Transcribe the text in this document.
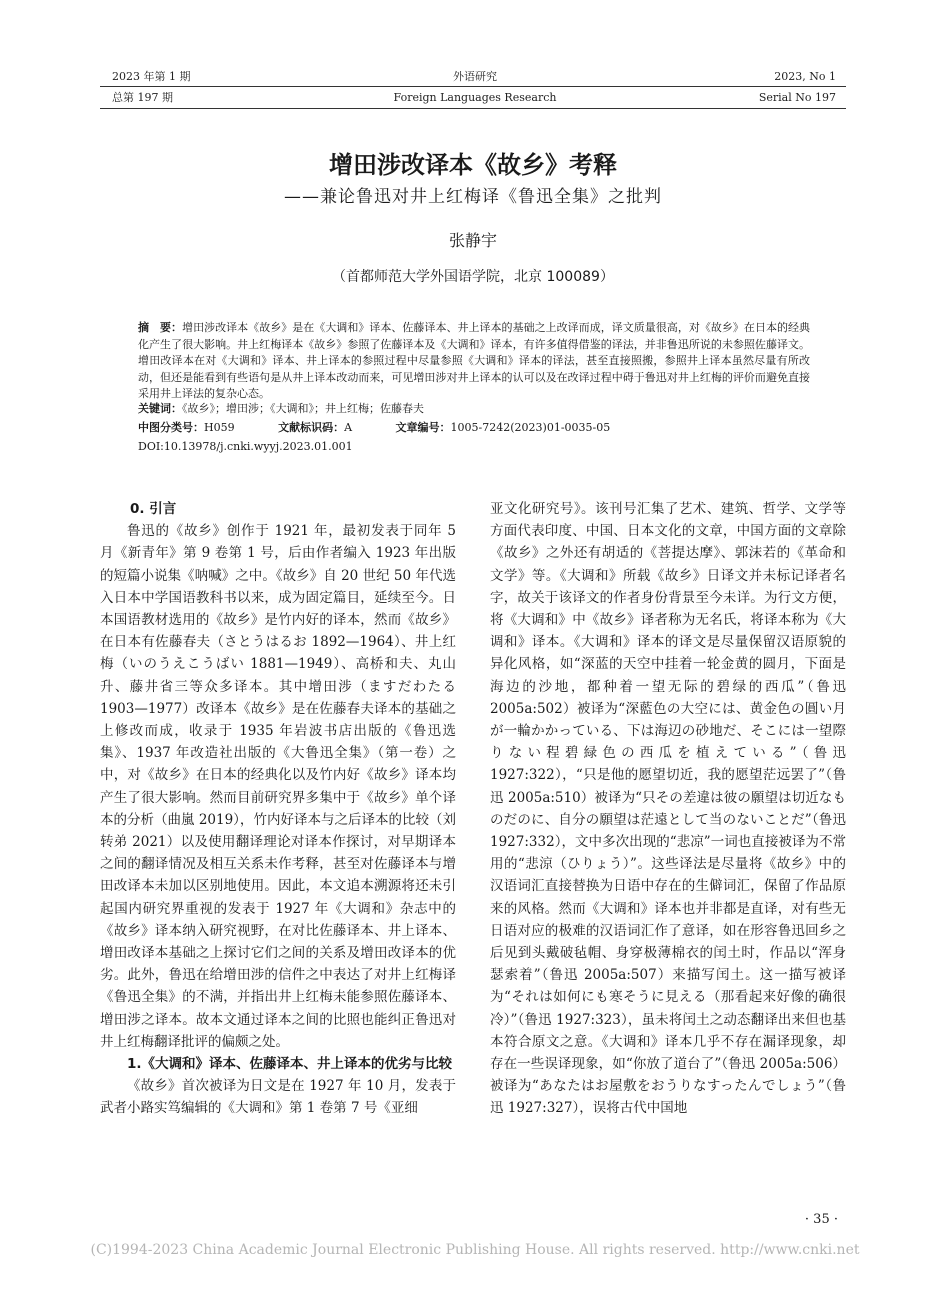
2023 年第 1 期	外语研究	2023, No 1
总第 197 期	Foreign Languages Research	Serial No 197
增田涉改译本《故乡》考释
——兼论鲁迅对井上红梅译《鲁迅全集》之批判
张静宇
（首都师范大学外国语学院，北京 100089）
摘　要：增田涉改译本《故乡》是在《大调和》译本、佐藤译本、井上译本的基础之上改译而成，译文质量很高，对《故乡》在日本的经典化产生了很大影响。井上红梅译本《故乡》参照了佐藤译本及《大调和》译本，有许多值得借鉴的译法，并非鲁迅所说的未参照佐藤译文。增田改译本在对《大调和》译本、井上译本的参照过程中尽量参照《大调和》译本的译法，甚至直接照搬，参照井上译本虽然尽量有所改动，但还是能看到有些语句是从井上译本改动而来，可见增田涉对井上译本的认可以及在改译过程中碍于鲁迅对井上红梅的评价而避免直接采用井上译法的复杂心态。
关键词：《故乡》；增田涉；《大调和》；井上红梅；佐藤春夫
中图分类号：H059	文献标识码：A	文章编号：1005-7242(2023)01-0035-05
DOI:10.13978/j.cnki.wyyj.2023.01.001
0. 引言

鲁迅的《故乡》创作于 1921 年，最初发表于同年 5 月《新青年》第 9 卷第 1 号，后由作者编入 1923 年出版的短篇小说集《呐喊》之中。《故乡》自 20 世纪 50 年代选入日本中学国语教科书以来，成为固定篇目，延续至今。日本国语教材选用的《故乡》是竹内好的译本，然而《故乡》在日本有佐藤春夫（さとうはるお 1892—1964）、井上红梅（いのうえこうばい 1881—1949）、高桥和夫、丸山升、藤井省三等众多译本。其中增田涉（ますだわたる 1903—1977）改译本《故乡》是在佐藤春夫译本的基础之上修改而成，收录于 1935 年岩波书店出版的《鲁迅选集》、1937 年改造社出版的《大鲁迅全集》（第一卷）之中，对《故乡》在日本的经典化以及竹内好《故乡》译本均产生了很大影响。然而目前研究界多集中于《故乡》单个译本的分析（曲嵐 2019），竹内好译本与之后译本的比较（刘转弟 2021）以及使用翻译理论对译本作探讨，对早期译本之间的翻译情况及相互关系未作考释，甚至对佐藤译本与增田改译本未加以区别地使用。因此，本文追本溯源将还未引起国内研究界重视的发表于 1927 年《大调和》杂志中的《故乡》译本纳入研究视野，在对比佐藤译本、井上译本、增田改译本基础之上探讨它们之间的关系及增田改译本的优劣。此外，鲁迅在给增田涉的信件之中表达了对井上红梅译《鲁迅全集》的不满，并指出井上红梅未能参照佐藤译本、增田涉之译本。故本文通过译本之间的比照也能纠正鲁迅对井上红梅翻译批评的偏颇之处。

1.《大调和》译本、佐藤译本、井上译本的优劣与比较

《故乡》首次被译为日文是在 1927 年 10 月，发表于武者小路实笃编辑的《大调和》第 1 卷第 7 号《亚细

亚文化研究号》。该刊号汇集了艺术、建筑、哲学、文学等方面代表印度、中国、日本文化的文章，中国方面的文章除《故乡》之外还有胡适的《菩提达摩》、郭沫若的《革命和文学》等。《大调和》所载《故乡》日译文并未标记译者名字，故关于该译文的作者身份背景至今未详。为行文方便，将《大调和》中《故乡》译者称为无名氏，将译本称为《大调和》译本。《大调和》译本的译文是尽量保留汉语原貌的异化风格，如“深蓝的天空中挂着一轮金黄的圆月，下面是海边的沙地，都种着一望无际的碧绿的西瓜”（鲁迅 2005a:502）被译为“深藍色の大空には、黄金色の圓い月が一輪かかっている、下は海辺の砂地だ、そこには一望際りない程碧緑色の西瓜を植えている”（鲁迅 1927:322），“只是他的愿望切近，我的愿望茫远罢了”（鲁迅 2005a:510）被译为“只その差違は彼の願望は切近なものだのに、自分の願望は茫遠として当のないことだ”（鲁迅 1927:332），文中多次出现的“悲凉”一词也直接被译为不常用的“悲涼（ひりょう）”。这些译法是尽量将《故乡》中的汉语词汇直接替换为日语中存在的生僻词汇，保留了作品原来的风格。然而《大调和》译本也并非都是直译，对有些无日语对应的极难的汉语词汇作了意译，如在形容鲁迅回乡之后见到头戴破毡帽、身穿极薄棉衣的闰土时，作品以“浑身瑟索着”（鲁迅 2005a:507）来描写闰土。这一描写被译为“それは如何にも寒そうに見える（那看起来好像的确很冷）”（鲁迅 1927:323），虽未将闰土之动态翻译出来但也基本符合原文之意。《大调和》译本几乎不存在漏译现象，却存在一些误译现象，如“你放了道台了”（鲁迅 2005a:506）被译为“あなたはお屋敷をおうりなすったんでしょう”（鲁迅 1927:327），误将古代中国地

· 35 ·
(C)1994-2023 China Academic Journal Electronic Publishing House. All rights reserved. http://www.cnki.net
